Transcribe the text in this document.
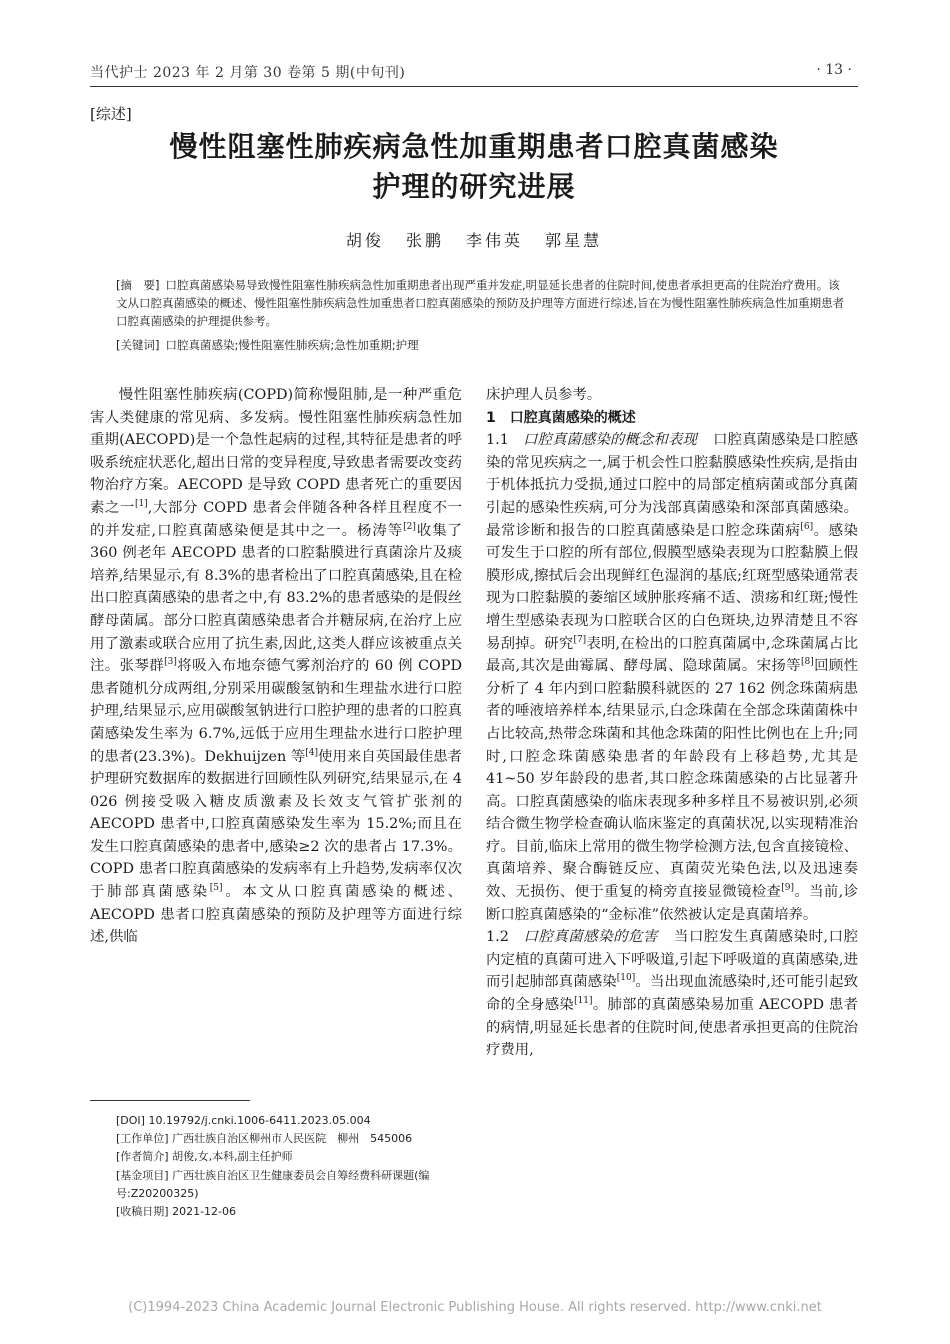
当代护士 2023 年 2 月第 30 卷第 5 期(中旬刊)	· 13 ·
[综述]
慢性阻塞性肺疾病急性加重期患者口腔真菌感染
护理的研究进展
胡俊 张鹏 李伟英 郭星慧

[摘　要] 口腔真菌感染易导致慢性阻塞性肺疾病急性加重期患者出现严重并发症,明显延长患者的住院时间,使患者承担更高的住院治疗费用。该文从口腔真菌感染的概述、慢性阻塞性肺疾病急性加重患者口腔真菌感染的预防及护理等方面进行综述,旨在为慢性阻塞性肺疾病急性加重期患者口腔真菌感染的护理提供参考。

[关键词] 口腔真菌感染;慢性阻塞性肺疾病;急性加重期;护理

慢性阻塞性肺疾病(COPD)简称慢阻肺,是一种严重危害人类健康的常见病、多发病。慢性阻塞性肺疾病急性加重期(AECOPD)是一个急性起病的过程,其特征是患者的呼吸系统症状恶化,超出日常的变异程度,导致患者需要改变药物治疗方案。AECOPD 是导致 COPD 患者死亡的重要因素之一[1],大部分 COPD 患者会伴随各种各样且程度不一的并发症,口腔真菌感染便是其中之一。杨涛等[2]收集了 360 例老年 AECOPD 患者的口腔黏膜进行真菌涂片及痰培养,结果显示,有 8.3%的患者检出了口腔真菌感染,且在检出口腔真菌感染的患者之中,有 83.2%的患者感染的是假丝酵母菌属。部分口腔真菌感染患者合并糖尿病,在治疗上应用了激素或联合应用了抗生素,因此,这类人群应该被重点关注。张琴群[3]将吸入布地奈德气雾剂治疗的 60 例 COPD 患者随机分成两组,分别采用碳酸氢钠和生理盐水进行口腔护理,结果显示,应用碳酸氢钠进行口腔护理的患者的口腔真菌感染发生率为 6.7%,远低于应用生理盐水进行口腔护理的患者(23.3%)。Dekhuijzen 等[4]使用来自英国最佳患者护理研究数据库的数据进行回顾性队列研究,结果显示,在 4 026 例接受吸入糖皮质激素及长效支气管扩张剂的 AECOPD 患者中,口腔真菌感染发生率为 15.2%;而且在发生口腔真菌感染的患者中,感染≥2 次的患者占 17.3%。COPD 患者口腔真菌感染的发病率有上升趋势,发病率仅次于肺部真菌感染[5]。本文从口腔真菌感染的概述、AECOPD 患者口腔真菌感染的预防及护理等方面进行综述,供临

床护理人员参考。

1　口腔真菌感染的概述

1.1 口腔真菌感染的概念和表现 口腔真菌感染是口腔感染的常见疾病之一,属于机会性口腔黏膜感染性疾病,是指由于机体抵抗力受损,通过口腔中的局部定植病菌或部分真菌引起的感染性疾病,可分为浅部真菌感染和深部真菌感染。最常诊断和报告的口腔真菌感染是口腔念珠菌病[6]。感染可发生于口腔的所有部位,假膜型感染表现为口腔黏膜上假膜形成,擦拭后会出现鲜红色湿润的基底;红斑型感染通常表现为口腔黏膜的萎缩区域肿胀疼痛不适、溃疡和红斑;慢性增生型感染表现为口腔联合区的白色斑块,边界清楚且不容易刮掉。研究[7]表明,在检出的口腔真菌属中,念珠菌属占比最高,其次是曲霉属、酵母属、隐球菌属。宋扬等[8]回顾性分析了 4 年内到口腔黏膜科就医的 27 162 例念珠菌病患者的唾液培养样本,结果显示,白念珠菌在全部念珠菌菌株中占比较高,热带念珠菌和其他念珠菌的阳性比例也在上升;同时,口腔念珠菌感染患者的年龄段有上移趋势,尤其是 41~50 岁年龄段的患者,其口腔念珠菌感染的占比显著升高。口腔真菌感染的临床表现多种多样且不易被识别,必须结合微生物学检查确认临床鉴定的真菌状况,以实现精准治疗。目前,临床上常用的微生物学检测方法,包含直接镜检、真菌培养、聚合酶链反应、真菌荧光染色法,以及迅速奏效、无损伤、便于重复的椅旁直接显微镜检查[9]。当前,诊断口腔真菌感染的“金标准”依然被认定是真菌培养。

1.2 口腔真菌感染的危害 当口腔发生真菌感染时,口腔内定植的真菌可进入下呼吸道,引起下呼吸道的真菌感染,进而引起肺部真菌感染[10]。当出现血流感染时,还可能引起致命的全身感染[11]。肺部的真菌感染易加重 AECOPD 患者的病情,明显延长患者的住院时间,使患者承担更高的住院治疗费用,

[DOI] 10.19792/j.cnki.1006-6411.2023.05.004

[工作单位] 广西壮族自治区柳州市人民医院　柳州　545006

[作者简介] 胡俊,女,本科,副主任护师

[基金项目] 广西壮族自治区卫生健康委员会自筹经费科研课题(编号:Z20200325)

[收稿日期] 2021-12-06

(C)1994-2023 China Academic Journal Electronic Publishing House. All rights reserved. http://www.cnki.net
